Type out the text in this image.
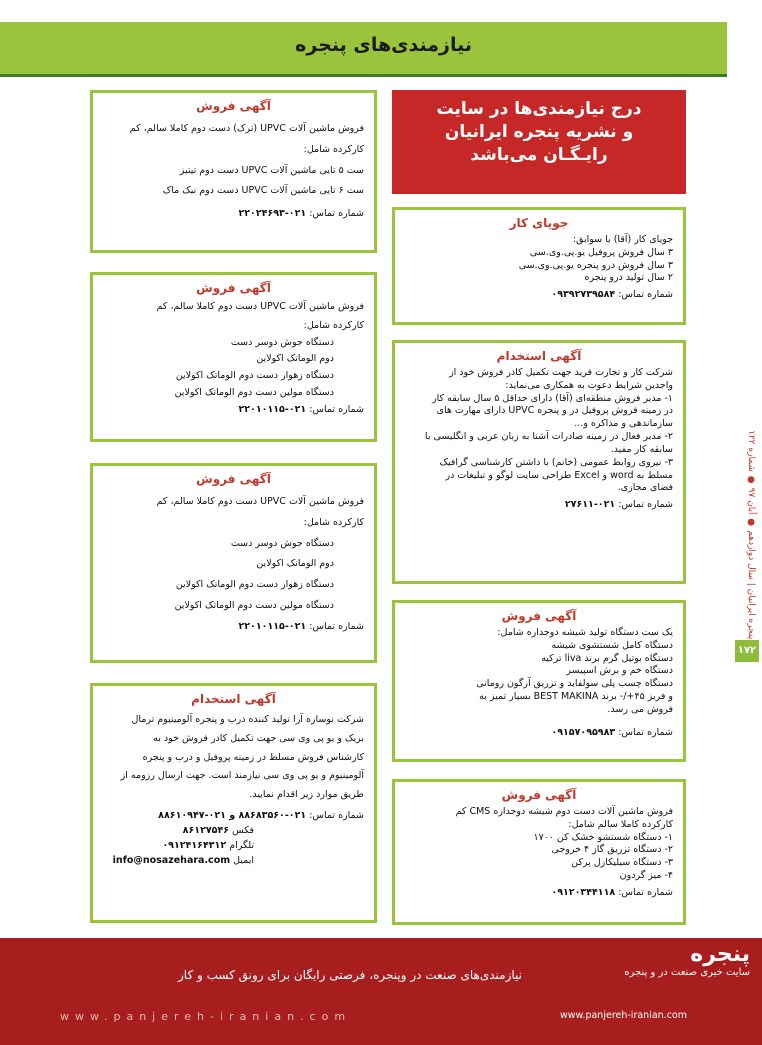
نیازمندی‌های پنجره
پنجره ایرانیان | سال دوازدهم ● آبان ۹۷ ● شماره ۱۲۲
۱۷۲
آگهی فروش
فروش ماشین آلات UPVC (ترک) دست دوم کاملا سالم، کم
کارکرده شامل:
ست ۵ تایی ماشین آلات UPVC دست دوم تیتیز
ست ۶ تایی ماشین آلات UPVC دست دوم نیک ماک
شماره تماس: ۰۲۱-۲۲۰۲۴۶۹۳
آگهی فروش
فروش ماشین آلات UPVC دست دوم کاملا سالم، کم
کارکرده شامل:
دستگاه جوش دوسر دست
دوم الوماتک اکولاین
دستگاه زهوار دست دوم الوماتک اکولاین
دستگاه مولین دست دوم الوماتک اکولاین
شماره تماس: ۰۲۱-۲۲۰۱۰۱۱۵
آگهی فروش
فروش ماشین آلات UPVC دست دوم کاملا سالم، کم
کارکرده شامل:
دستگاه جوش دوسر دست
دوم الوماتک اکولاین
دستگاه زهوار دست دوم الوماتک اکولاین
دستگاه مولین دست دوم الوماتک اکولاین
شماره تماس: ۰۲۱-۲۲۰۱۰۱۱۵
آگهی استخدام
شرکت نوسازه آرا تولید کننده درب و پنجره آلومینیوم ترمال
بریک و یو پی وی سی جهت تکمیل کادر فروش خود به
کارشناس فروش مسلط در زمینه پروفیل و درب و پنجره
آلومینیوم و یو پی وی سی نیازمند است. جهت ارسال رزومه از
طریق موارد زیر اقدام نمایید.
شماره تماس: ۰۲۱-۸۸۶۸۳۵۶۰ و ۰۲۱-۸۸۶۱۰۹۴۷
فکس ۸۶۱۲۷۵۴۶
تلگرام ۰۹۱۲۴۱۶۴۳۱۲
ایمیل info@nosazehara.com
درج نیازمندی‌ها در سایت
و نشریه پنجره ایرانیان
رایـگـان می‌باشد
جویای کار
جویای کار (آقا) با سوابق:
۳ سال فروش پروفیل یو.پی.وی.سی
۳ سال فروش درو پنجره یو.پی.وی.سی
۲ سال تولید درو پنجره
شماره تماس: ۰۹۳۹۲۷۳۹۵۸۴
آگهی استخدام
شرکت کار و تجارت فرید جهت تکمیل کادر فروش خود از
واجدین شرایط دعوت به همکاری می‌نماید:
۱- مدیر فروش منطقه‌ای (آقا) دارای حداقل ۵ سال سابقه کار
در زمینه فروش پروفیل در و پنجره UPVC دارای مهارت های
سازماندهی و مذاکره و...
۲- مدیر فعال در زمینه صادرات آشنا به زبان عربی و انگلیسی با
سابقه کار مفید.
۳- نیروی روابط عمومی (خانم) با داشتن کارشناسی گرافیک
مسلط به word و Excel طراحی سایت لوگو و تبلیغات در
فضای مجازی.
شماره تماس: ۰۲۱-۲۷۶۱۱
آگهی فروش
یک ست دستگاه تولید شیشه دوجداره شامل:
دستگاه کامل شستشوی شیشه
دستگاه بوتیل گرم برند liva ترکیه
دستگاه خم و برش اسپیسر
دستگاه چسب پلی سولفاید و تزریق آرگون رومانی
و فریز ۴۵+/- برند BEST MAKINA بسیار تمیز به
فروش می رسد.
شماره تماس: ۰۹۱۵۷۰۹۵۹۸۳
آگهی فروش
فروش ماشین آلات دست دوم شیشه دوجداره CMS کم
کارکرده کاملا سالم شامل:
۱- دستگاه شستشو خشک کن ۱۷۰۰
۲- دستگاه تزریق گاز ۴ خروجی
۳- دستگاه سیلیکازل پرکن
۴- میز گردون
شماره تماس: ۰۹۱۲۰۳۴۴۱۱۸
نیازمندی‌های صنعت در وپنجره، فرصتی رایگان برای رونق کسب و کار
www.panjereh-iranian.com
پنجره
سایت خبری صنعت در و پنجره
www.panjereh-iranian.com
